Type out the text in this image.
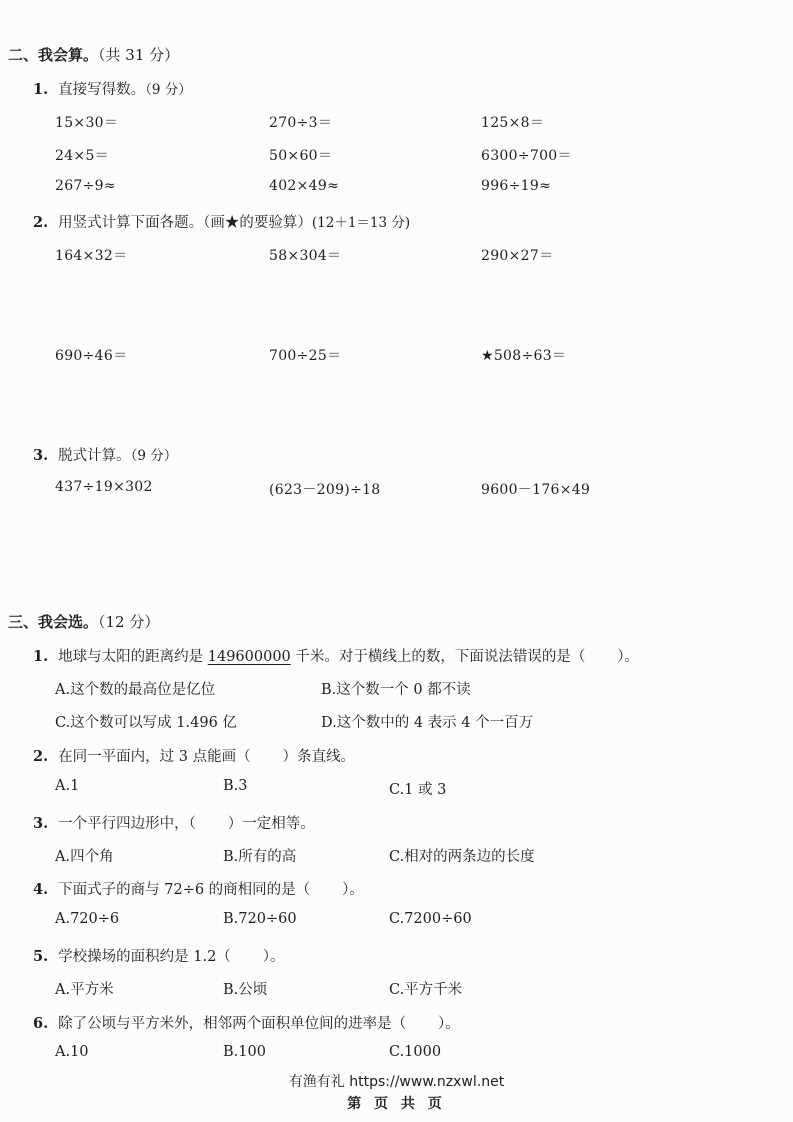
二、我会算。（共 31 分）
1. 直接写得数。（9 分）
15×30＝	270÷3＝	125×8＝
24×5＝	50×60＝	6300÷700＝
267÷9≈	402×49≈	996÷19≈
2. 用竖式计算下面各题。（画★的要验算）(12＋1＝13 分)
164×32＝	58×304＝	290×27＝
690÷46＝	700÷25＝	★508÷63＝
3. 脱式计算。（9 分）
437÷19×302	(623－209)÷18	9600－176×49
三、我会选。（12 分）
1. 地球与太阳的距离约是 149600000 千米。对于横线上的数，下面说法错误的是（ ）。
A.这个数的最高位是亿位	B.这个数一个 0 都不读
C.这个数可以写成 1.496 亿	D.这个数中的 4 表示 4 个一百万
2. 在同一平面内，过 3 点能画（ ）条直线。
A.1	B.3	C.1 或 3
3. 一个平行四边形中，（ ）一定相等。
A.四个角	B.所有的高	C.相对的两条边的长度
4. 下面式子的商与 72÷6 的商相同的是（ ）。
A.720÷6	B.720÷60	C.7200÷60
5. 学校操场的面积约是 1.2（ ）。
A.平方米	B.公顷	C.平方千米
6. 除了公顷与平方米外，相邻两个面积单位间的进率是（ ）。
A.10	B.100	C.1000
有渔有礼 https://www.nzxwl.net
第 页 共 页
